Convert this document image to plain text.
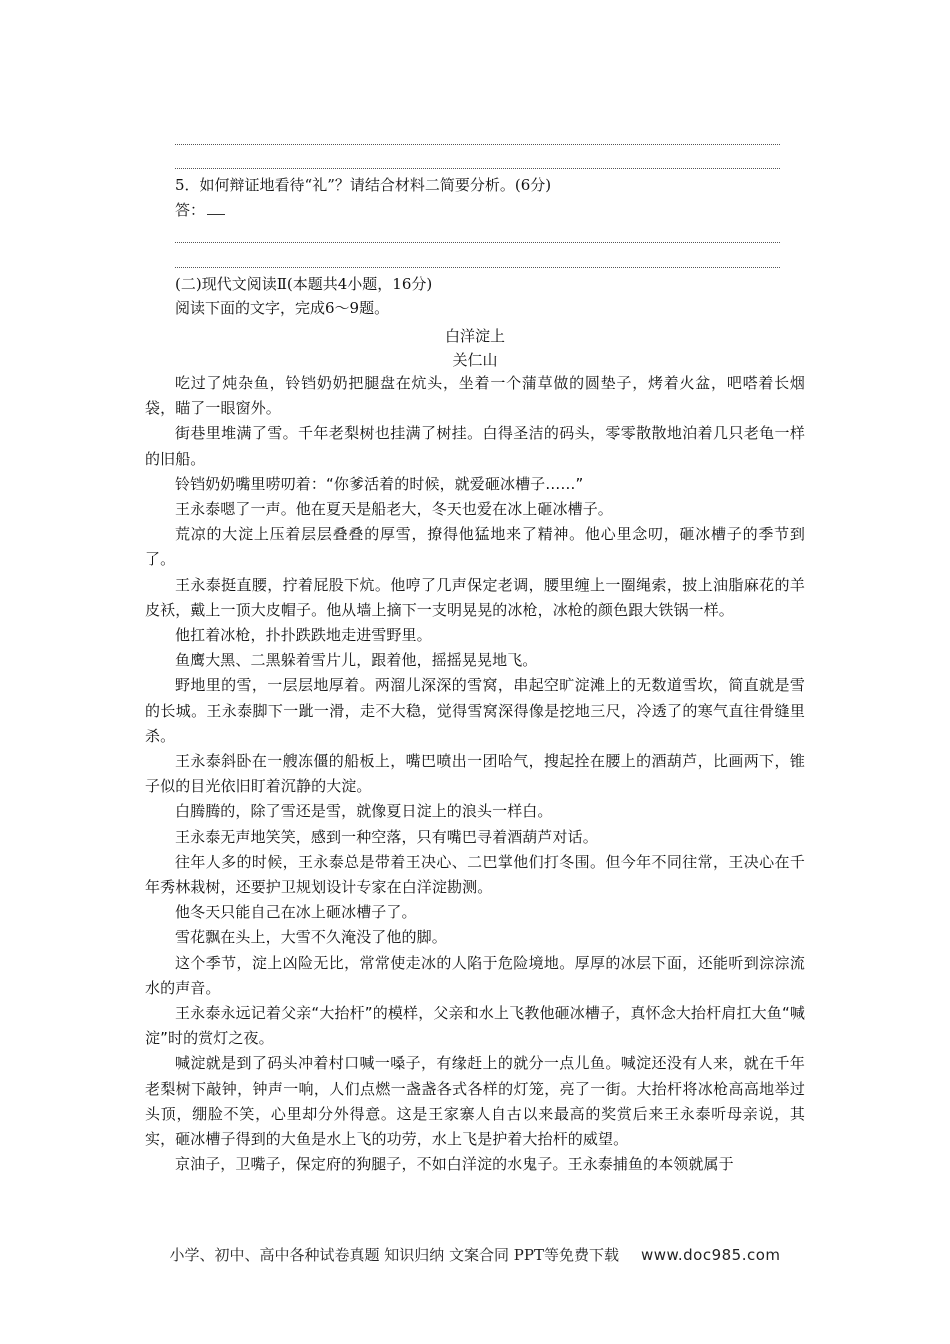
5．如何辩证地看待“礼”？请结合材料二简要分析。(6分)
答：
(二)现代文阅读Ⅱ(本题共4小题，16分)
阅读下面的文字，完成6～9题。
白洋淀上
关仁山

吃过了炖杂鱼，铃铛奶奶把腿盘在炕头，坐着一个蒲草做的圆垫子，烤着火盆，吧嗒着长烟袋，瞄了一眼窗外。

街巷里堆满了雪。千年老梨树也挂满了树挂。白得圣洁的码头，零零散散地泊着几只老龟一样的旧船。

铃铛奶奶嘴里唠叨着：“你爹活着的时候，就爱砸冰槽子……”

王永泰嗯了一声。他在夏天是船老大，冬天也爱在冰上砸冰槽子。

荒凉的大淀上压着层层叠叠的厚雪，撩得他猛地来了精神。他心里念叨，砸冰槽子的季节到了。

王永泰挺直腰，拧着屁股下炕。他哼了几声保定老调，腰里缠上一圈绳索，披上油脂麻花的羊皮袄，戴上一顶大皮帽子。他从墙上摘下一支明晃晃的冰枪，冰枪的颜色跟大铁锅一样。

他扛着冰枪，扑扑跌跌地走进雪野里。

鱼鹰大黑、二黑躲着雪片儿，跟着他，摇摇晃晃地飞。

野地里的雪，一层层地厚着。两溜儿深深的雪窝，串起空旷淀滩上的无数道雪坎，简直就是雪的长城。王永泰脚下一跐一滑，走不大稳，觉得雪窝深得像是挖地三尺，冷透了的寒气直往骨缝里杀。

王永泰斜卧在一艘冻僵的船板上，嘴巴喷出一团哈气，搜起拴在腰上的酒葫芦，比画两下，锥子似的目光依旧盯着沉静的大淀。

白腾腾的，除了雪还是雪，就像夏日淀上的浪头一样白。

王永泰无声地笑笑，感到一种空落，只有嘴巴寻着酒葫芦对话。

往年人多的时候，王永泰总是带着王决心、二巴掌他们打冬围。但今年不同往常，王决心在千年秀林栽树，还要护卫规划设计专家在白洋淀勘测。

他冬天只能自己在冰上砸冰槽子了。

雪花飘在头上，大雪不久淹没了他的脚。

这个季节，淀上凶险无比，常常使走冰的人陷于危险境地。厚厚的冰层下面，还能听到淙淙流水的声音。

王永泰永远记着父亲“大抬杆”的模样，父亲和水上飞教他砸冰槽子，真怀念大抬杆肩扛大鱼“喊淀”时的赏灯之夜。

喊淀就是到了码头冲着村口喊一嗓子，有缘赶上的就分一点儿鱼。喊淀还没有人来，就在千年老梨树下敲钟，钟声一响，人们点燃一盏盏各式各样的灯笼，亮了一街。大抬杆将冰枪高高地举过头顶，绷脸不笑，心里却分外得意。这是王家寨人自古以来最高的奖赏后来王永泰听母亲说，其实，砸冰槽子得到的大鱼是水上飞的功劳，水上飞是护着大抬杆的威望。

京油子，卫嘴子，保定府的狗腿子，不如白洋淀的水鬼子。王永泰捕鱼的本领就属于

小学、初中、高中各种试卷真题 知识归纳 文案合同 PPT等免费下载 www.doc985.com
